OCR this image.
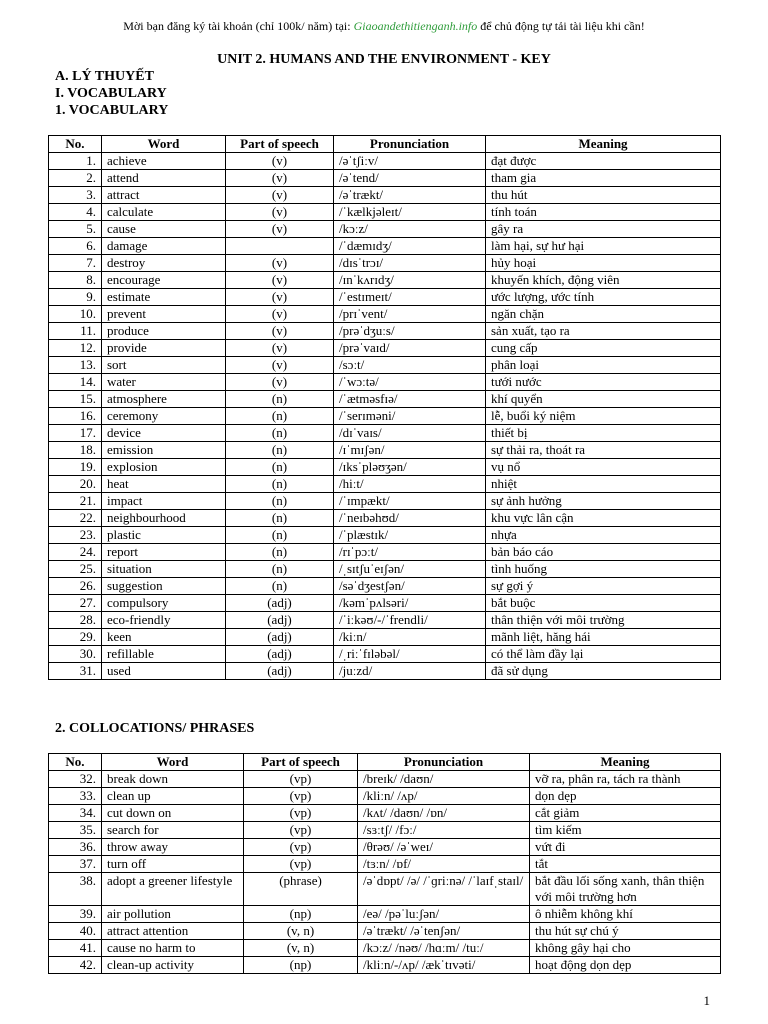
Mời bạn đăng ký tài khoản (chỉ 100k/ năm) tại: Giaoandethitienganh.info để chủ động tự tải tài liệu khi cần!
UNIT 2. HUMANS AND THE ENVIRONMENT - KEY
A. LÝ THUYẾT
I. VOCABULARY
1. VOCABULARY
No.	Word	Part of speech	Pronunciation	Meaning
1.	achieve	(v)	/əˈtʃiːv/	đạt được
2.	attend	(v)	/əˈtend/	tham gia
3.	attract	(v)	/əˈtrækt/	thu hút
4.	calculate	(v)	/ˈkælkjəleɪt/	tính toán
5.	cause	(v)	/kɔːz/	gây ra
6.	damage		/ˈdæmɪdʒ/	làm hại, sự hư hại
7.	destroy	(v)	/dɪsˈtrɔɪ/	hủy hoại
8.	encourage	(v)	/ɪnˈkʌrɪdʒ/	khuyến khích, động viên
9.	estimate	(v)	/ˈestɪmeɪt/	ước lượng, ước tính
10.	prevent	(v)	/prɪˈvent/	ngăn chặn
11.	produce	(v)	/prəˈdʒuːs/	sản xuất, tạo ra
12.	provide	(v)	/prəˈvaɪd/	cung cấp
13.	sort	(v)	/sɔːt/	phân loại
14.	water	(v)	/ˈwɔːtə/	tưới nước
15.	atmosphere	(n)	/ˈætməsfɪə/	khí quyển
16.	ceremony	(n)	/ˈserɪməni/	lễ, buổi ký niệm
17.	device	(n)	/dɪˈvaɪs/	thiết bị
18.	emission	(n)	/ɪˈmɪʃən/	sự thải ra, thoát ra
19.	explosion	(n)	/ɪksˈpləʊʒən/	vụ nổ
20.	heat	(n)	/hiːt/	nhiệt
21.	impact	(n)	/ˈɪmpækt/	sự ảnh hưởng
22.	neighbourhood	(n)	/ˈneɪbəhʊd/	khu vực lân cận
23.	plastic	(n)	/ˈplæstɪk/	nhựa
24.	report	(n)	/rɪˈpɔːt/	bản báo cáo
25.	situation	(n)	/ˌsɪtʃuˈeɪʃən/	tình huống
26.	suggestion	(n)	/səˈdʒestʃən/	sự gợi ý
27.	compulsory	(adj)	/kəmˈpʌlsəri/	bắt buộc
28.	eco-friendly	(adj)	/ˈiːkəʊ/-/ˈfrendli/	thân thiện với môi trường
29.	keen	(adj)	/kiːn/	mãnh liệt, hăng hái
30.	refillable	(adj)	/ˌriːˈfɪləbəl/	có thể làm đầy lại
31.	used	(adj)	/juːzd/	đã sử dụng
2. COLLOCATIONS/ PHRASES
No.	Word	Part of speech	Pronunciation	Meaning
32.	break down	(vp)	/breɪk/ /daʊn/	vỡ ra, phân ra, tách ra thành
33.	clean up	(vp)	/kliːn/ /ʌp/	dọn dẹp
34.	cut down on	(vp)	/kʌt/ /daʊn/ /ɒn/	cắt giảm
35.	search for	(vp)	/sɜːtʃ/ /fɔː/	tìm kiếm
36.	throw away	(vp)	/θrəʊ/ /əˈweɪ/	vứt đi
37.	turn off	(vp)	/tɜːn/ /ɒf/	tắt
38.	adopt a greener lifestyle	(phrase)	/əˈdɒpt/ /ə/ /ˈɡriːnə/ /ˈlaɪfˌstaɪl/	bắt đầu lối sống xanh, thân thiện với môi trường hơn
39.	air pollution	(np)	/eə/ /pəˈluːʃən/	ô nhiễm không khí
40.	attract attention	(v, n)	/əˈtrækt/ /əˈtenʃən/	thu hút sự chú ý
41.	cause no harm to	(v, n)	/kɔːz/ /nəʊ/ /hɑːm/ /tuː/	không gây hại cho
42.	clean-up activity	(np)	/kliːn/-/ʌp/ /ækˈtɪvəti/	hoạt động dọn dẹp
1
